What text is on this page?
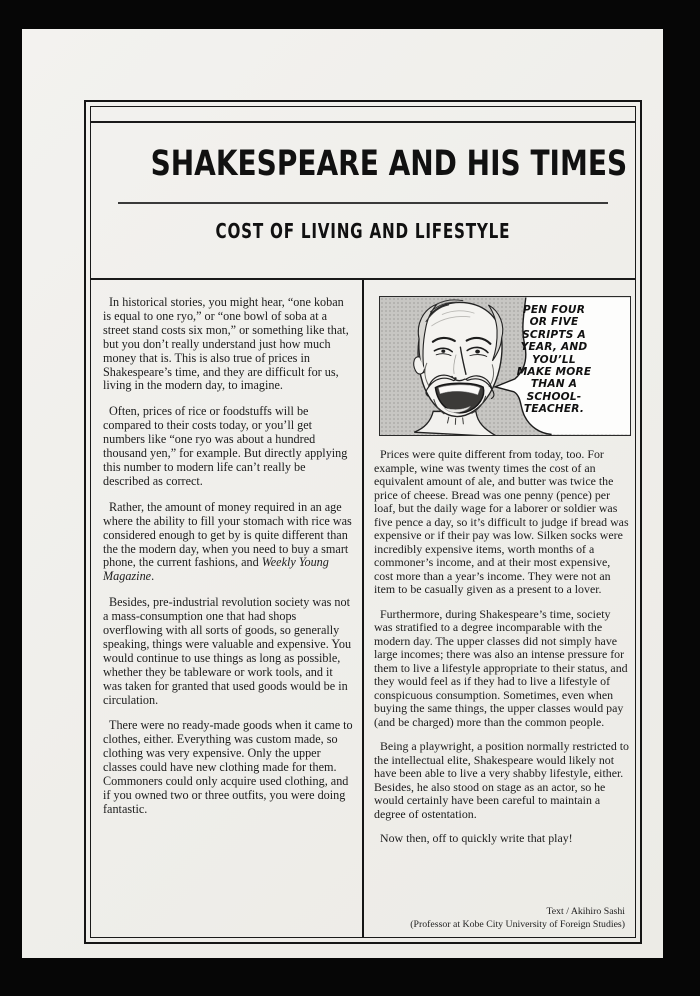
SHAKESPEARE AND HIS TIMES
COST OF LIVING AND LIFESTYLE

In historical stories, you might hear, “one koban is equal to one ryo,” or “one bowl of soba at a street stand costs six mon,” or something like that, but you don’t really understand just how much money that is. This is also true of prices in Shakespeare’s time, and they are difficult for us, living in the modern day, to imagine.

Often, prices of rice or foodstuffs will be compared to their costs today, or you’ll get numbers like “one ryo was about a hundred thousand yen,” for example. But directly applying this number to modern life can’t really be described as correct.

Rather, the amount of money required in an age where the ability to fill your stomach with rice was considered enough to get by is quite different than the the modern day, when you need to buy a smart phone, the current fashions, and Weekly Young Magazine.

Besides, pre-industrial revolution society was not a mass-consumption one that had shops overflowing with all sorts of goods, so generally speaking, things were valuable and expensive. You would continue to use things as long as possible, whether they be tableware or work tools, and it was taken for granted that used goods would be in circulation.

There were no ready-made goods when it came to clothes, either. Everything was custom made, so clothing was very expensive. Only the upper classes could have new clothing made for them. Commoners could only acquire used clothing, and if you owned two or three outfits, you were doing fantastic.

PEN FOUR
OR FIVE
SCRIPTS A
YEAR, AND
YOU’LL
MAKE MORE
THAN A
SCHOOL-
TEACHER.

Prices were quite different from today, too. For example, wine was twenty times the cost of an equivalent amount of ale, and butter was twice the price of cheese. Bread was one penny (pence) per loaf, but the daily wage for a laborer or soldier was five pence a day, so it’s difficult to judge if bread was expensive or if their pay was low. Silken socks were incredibly expensive items, worth months of a commoner’s income, and at their most expensive, cost more than a year’s income. They were not an item to be casually given as a present to a lover.

Furthermore, during Shakespeare’s time, society was stratified to a degree incomparable with the modern day. The upper classes did not simply have large incomes; there was also an intense pressure for them to live a lifestyle appropriate to their status, and they would feel as if they had to live a lifestyle of conspicuous consumption. Sometimes, even when buying the same things, the upper classes would pay (and be charged) more than the common people.

Being a playwright, a position normally restricted to the intellectual elite, Shakespeare would likely not have been able to live a very shabby lifestyle, either. Besides, he also stood on stage as an actor, so he would certainly have been careful to maintain a degree of ostentation.

Now then, off to quickly write that play!

Text / Akihiro Sashi
(Professor at Kobe City University of Foreign Studies)
